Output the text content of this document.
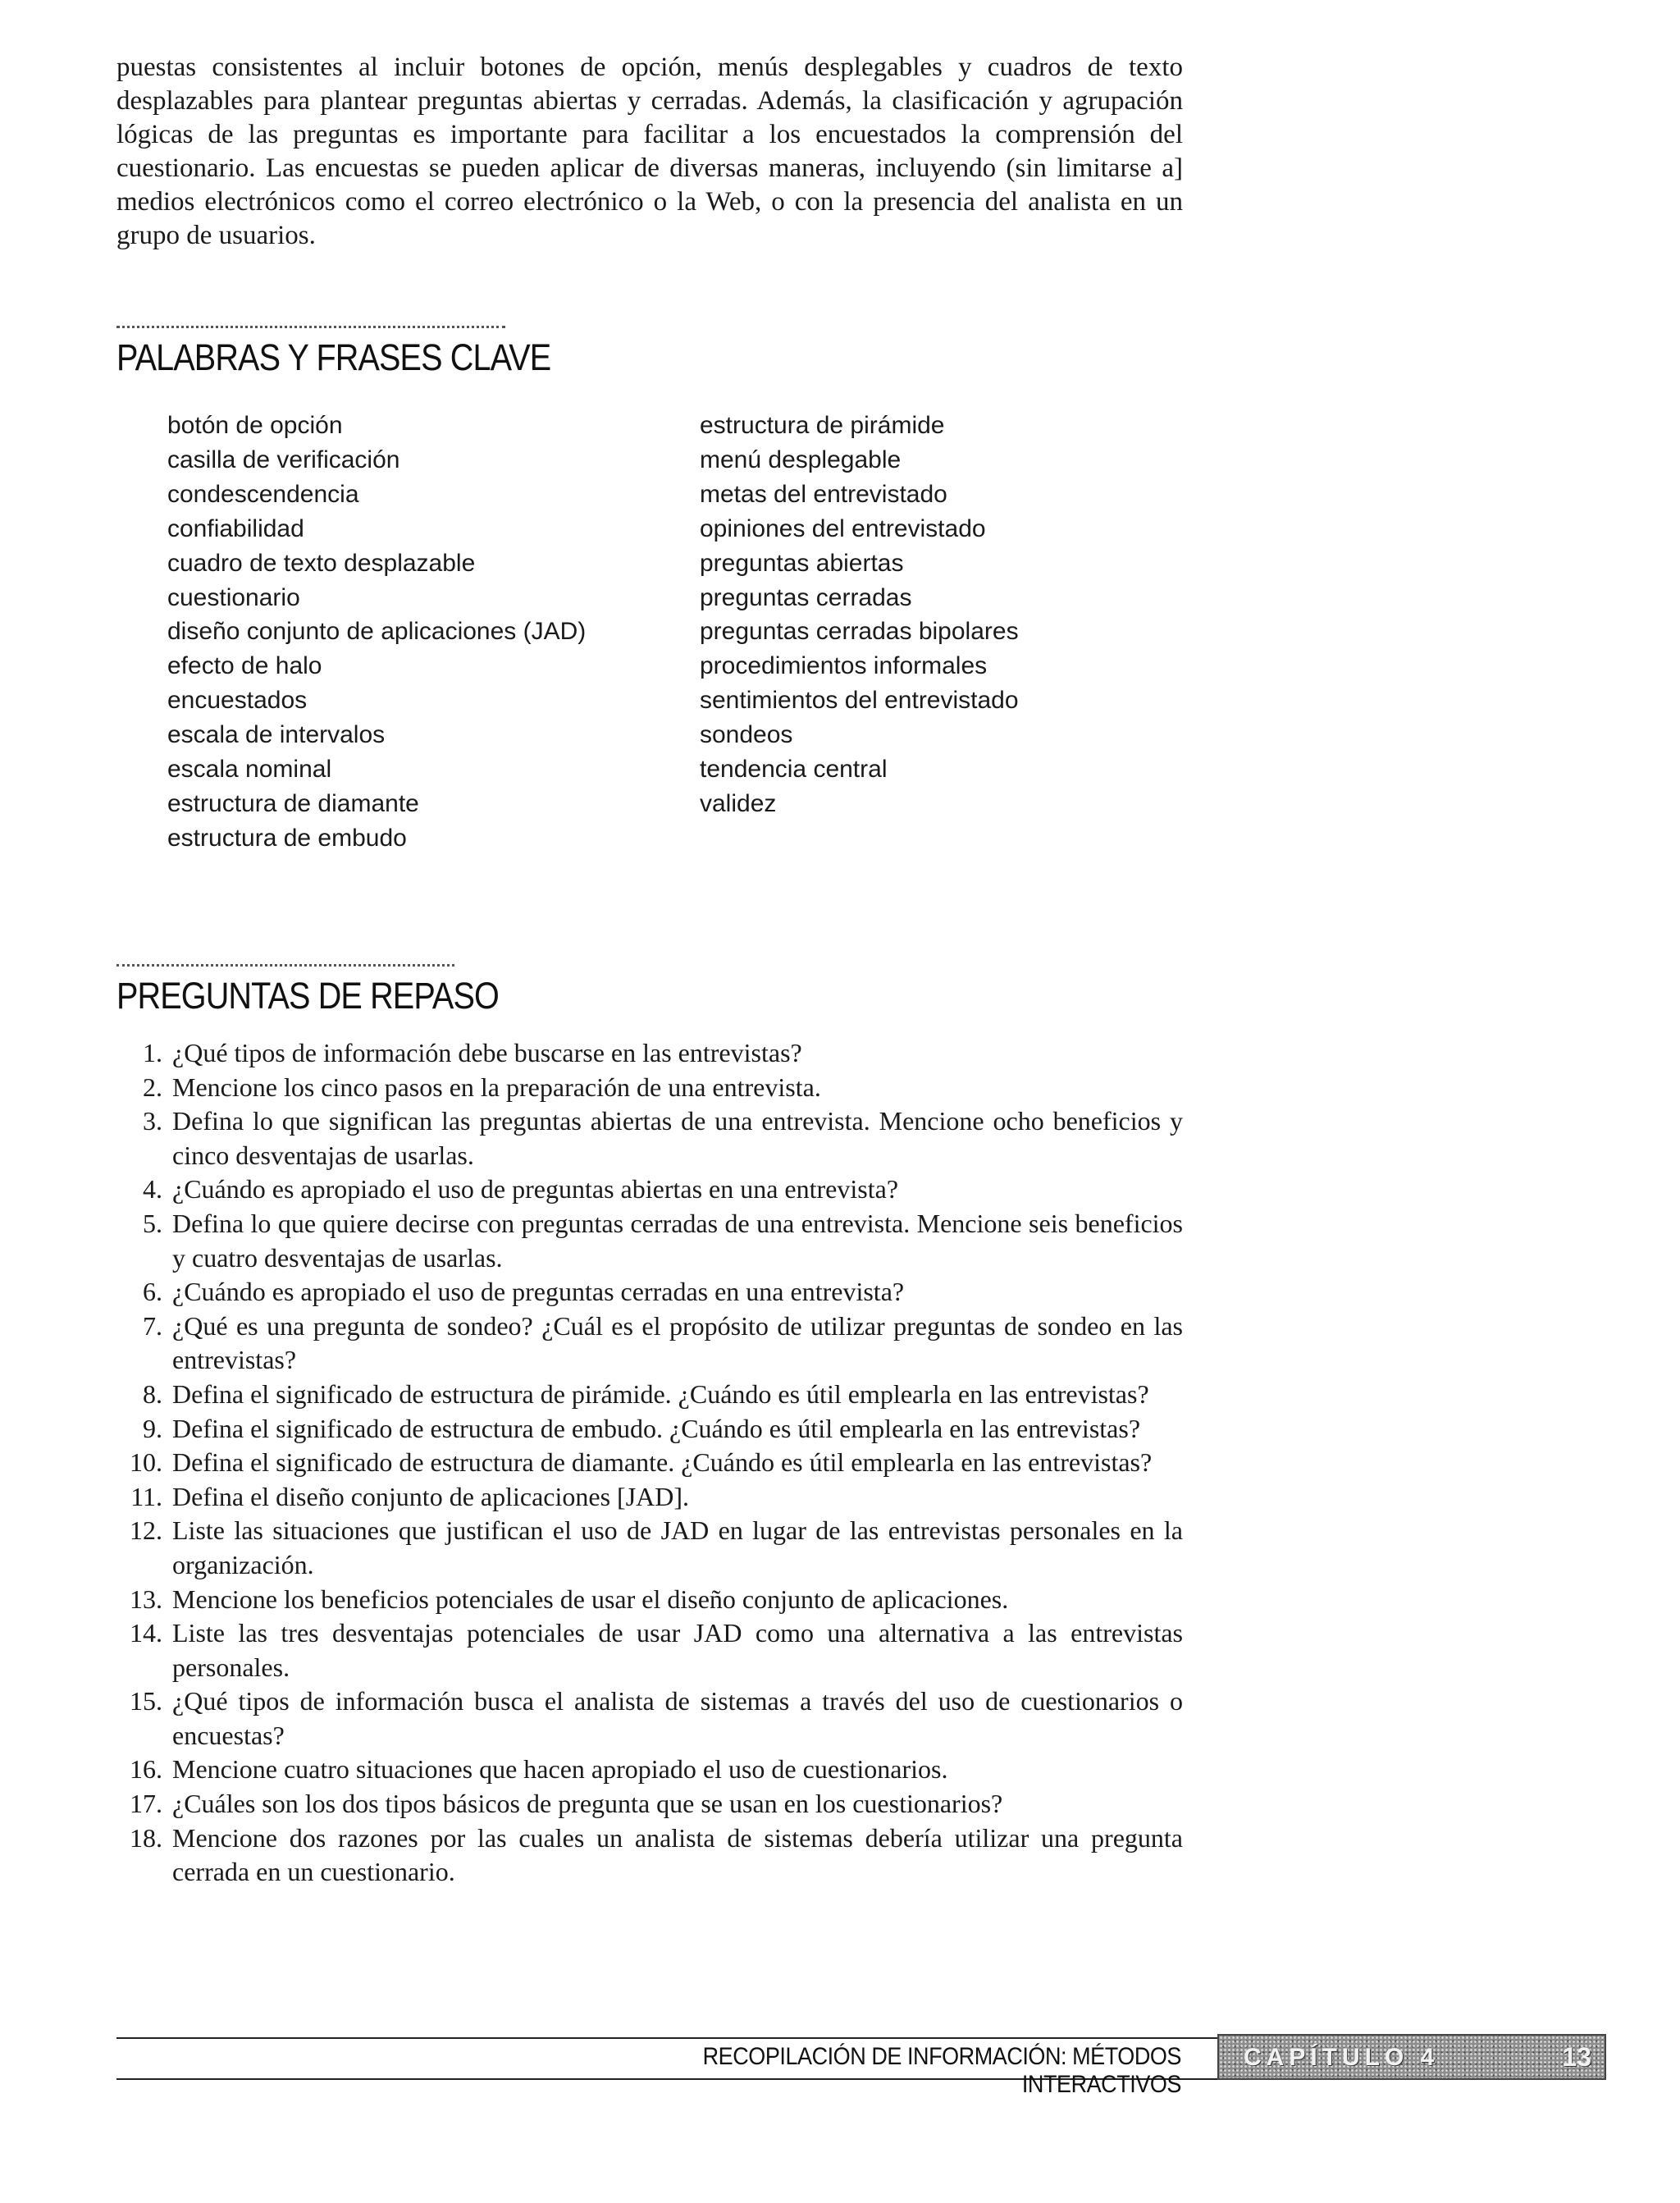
puestas consistentes al incluir botones de opción, menús desplegables y cuadros de texto desplazables para plantear preguntas abiertas y cerradas. Además, la clasificación y agrupación lógicas de las preguntas es importante para facilitar a los encuestados la comprensión del cuestionario. Las encuestas se pueden aplicar de diversas maneras, incluyendo (sin limitarse a] medios electrónicos como el correo electrónico o la Web, o con la presencia del analista en un grupo de usuarios.

PALABRAS Y FRASES CLAVE
botón de opción
casilla de verificación
condescendencia
confiabilidad
cuadro de texto desplazable
cuestionario
diseño conjunto de aplicaciones (JAD)
efecto de halo
encuestados
escala de intervalos
escala nominal
estructura de diamante
estructura de embudo
estructura de pirámide
menú desplegable
metas del entrevistado
opiniones del entrevistado
preguntas abiertas
preguntas cerradas
preguntas cerradas bipolares
procedimientos informales
sentimientos del entrevistado
sondeos
tendencia central
validez
PREGUNTAS DE REPASO
1. ¿Qué tipos de información debe buscarse en las entrevistas?
2. Mencione los cinco pasos en la preparación de una entrevista.
3. Defina lo que significan las preguntas abiertas de una entrevista. Mencione ocho beneficios y cinco desventajas de usarlas.
4. ¿Cuándo es apropiado el uso de preguntas abiertas en una entrevista?
5. Defina lo que quiere decirse con preguntas cerradas de una entrevista. Mencione seis beneficios y cuatro desventajas de usarlas.
6. ¿Cuándo es apropiado el uso de preguntas cerradas en una entrevista?
7. ¿Qué es una pregunta de sondeo? ¿Cuál es el propósito de utilizar preguntas de sondeo en las entrevistas?
8. Defina el significado de estructura de pirámide. ¿Cuándo es útil emplearla en las entrevistas?
9. Defina el significado de estructura de embudo. ¿Cuándo es útil emplearla en las entrevistas?
10. Defina el significado de estructura de diamante. ¿Cuándo es útil emplearla en las entrevistas?
11. Defina el diseño conjunto de aplicaciones [JAD].
12. Liste las situaciones que justifican el uso de JAD en lugar de las entrevistas personales en la organización.
13. Mencione los beneficios potenciales de usar el diseño conjunto de aplicaciones.
14. Liste las tres desventajas potenciales de usar JAD como una alternativa a las entrevistas personales.
15. ¿Qué tipos de información busca el analista de sistemas a través del uso de cuestionarios o encuestas?
16. Mencione cuatro situaciones que hacen apropiado el uso de cuestionarios.
17. ¿Cuáles son los dos tipos básicos de pregunta que se usan en los cuestionarios?
18. Mencione dos razones por las cuales un analista de sistemas debería utilizar una pregunta cerrada en un cuestionario.
RECOPILACIÓN DE INFORMACIÓN: MÉTODOS INTERACTIVOS
CAPÍTULO 4	13
